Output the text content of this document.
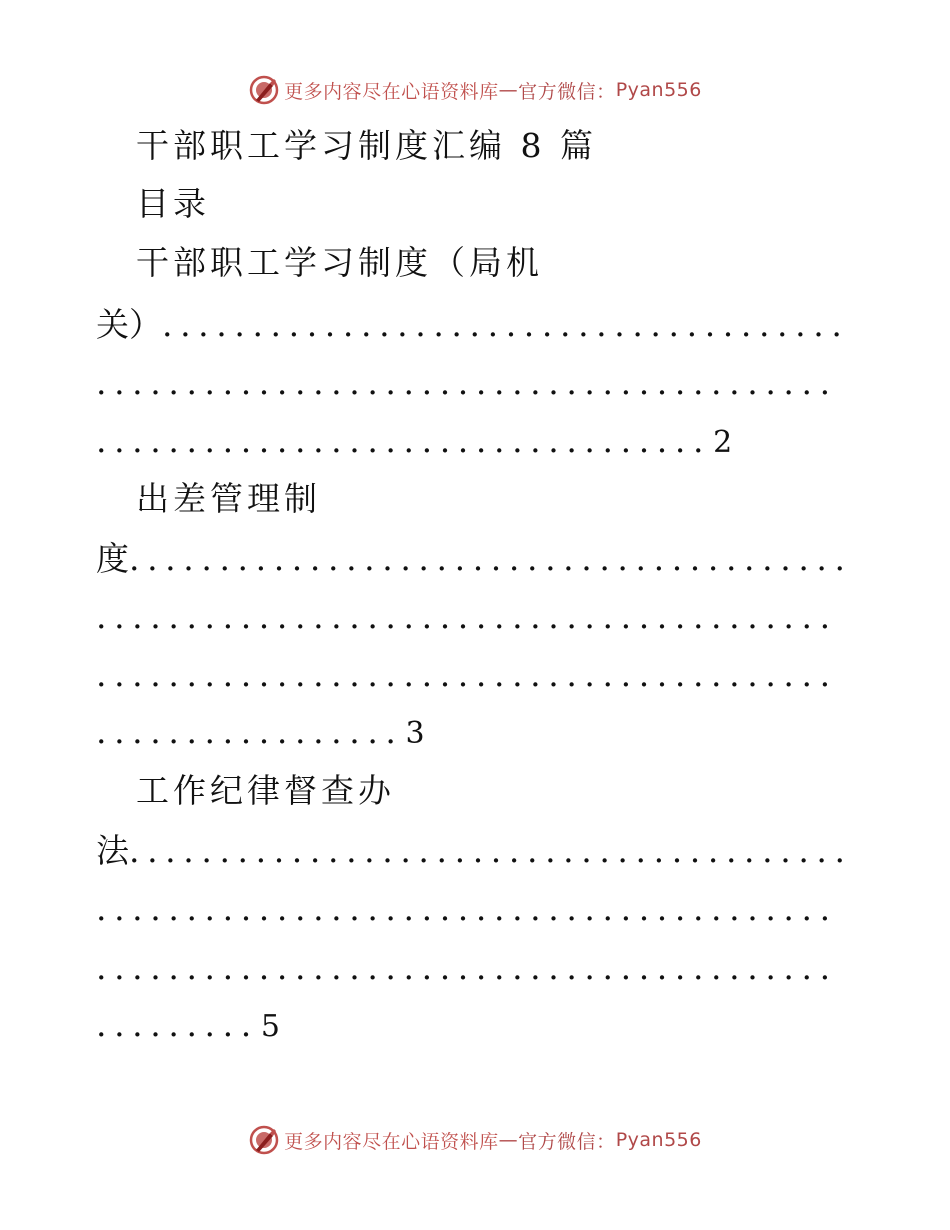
更多内容尽在心语资料库 — 官方微信： Pyan556
干部职工学习制度汇编 8 篇
目录
干部职工学习制度（局机
关）......................................
.........................................
..................................2
出差管理制
度........................................
.........................................
.........................................
.................3
工作纪律督查办
法........................................
.........................................
.........................................
.........5
更多内容尽在心语资料库 — 官方微信： Pyan556
